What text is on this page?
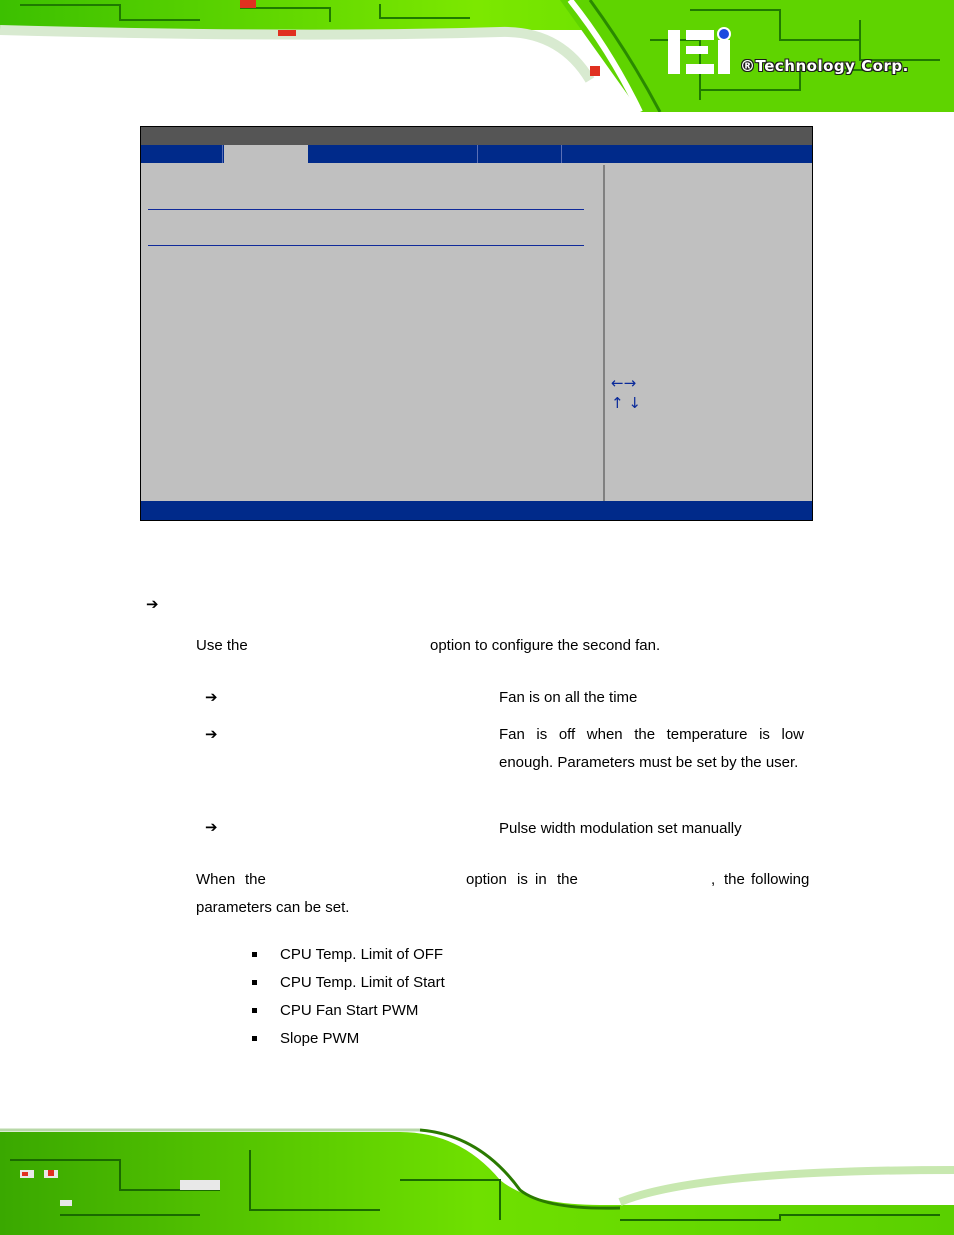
®Technology Corp.
←→
↑ ↓
➔
Use the	option to configure the second fan.
➔	Fan is on all the time
➔	Fan is off when the temperature is low enough. Parameters must be set by the user.
➔	Pulse width modulation set manually
When the	option is in the	, the following
parameters can be set.
CPU Temp. Limit of OFF
CPU Temp. Limit of Start
CPU Fan Start PWM
Slope PWM
